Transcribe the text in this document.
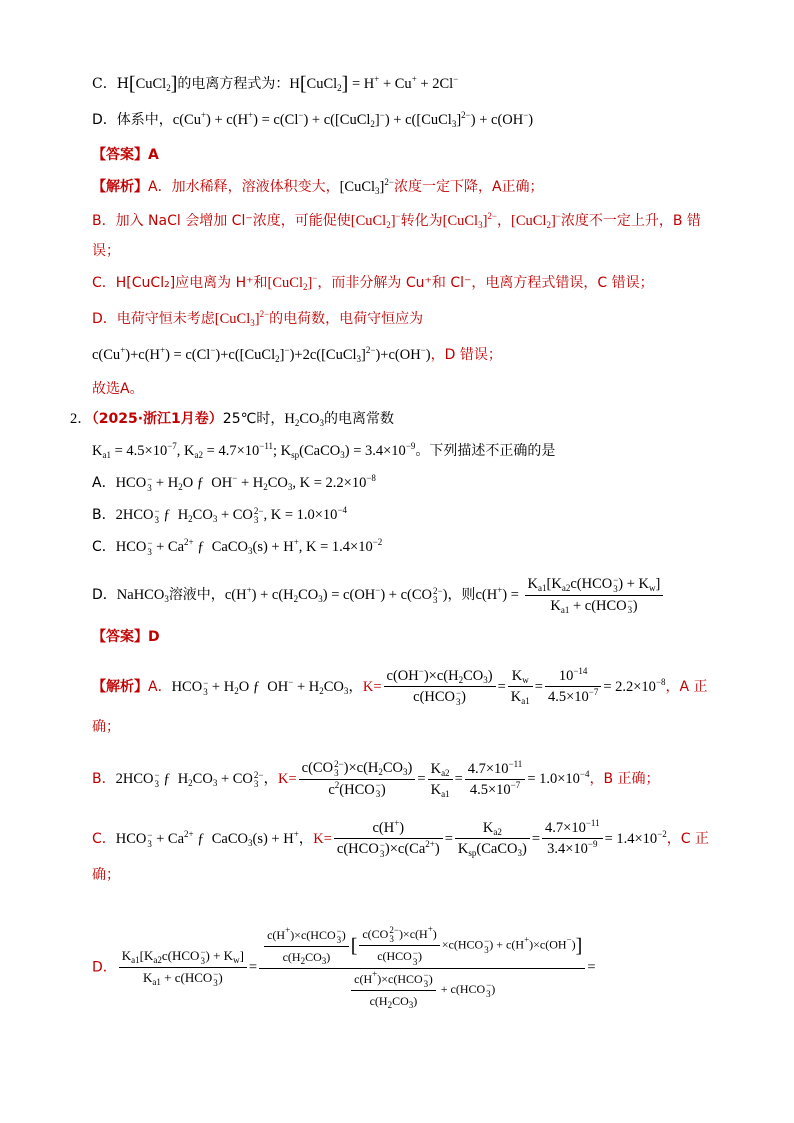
C．H[CuCl$_2$]的电离方程式为：H[CuCl$_2$] = H+ + Cu+ + 2Cl−
D．体系中，c(Cu+) + c(H+) = c(Cl−) + c([CuCl$_2$]−) + c([CuCl$_3$]$^{2-}$) + c(OH−)
【答案】A
【解析】A．加水稀释，溶液体积变大，[CuCl$_3$]$^{2-}$浓度一定下降，A正确；
B．加入 NaCl 会增加 Cl⁻浓度，可能促使[CuCl$_2$]−转化为[CuCl$_3$]$^{2-}$，[CuCl$_2$]−浓度不一定上升，B 错
误；
C．H[CuCl₂]应电离为 H⁺和[CuCl$_2$]−，而非分解为 Cu⁺和 Cl⁻，电离方程式错误，C 错误；
D．电荷守恒未考虑[CuCl$_3$]$^{2-}$的电荷数，电荷守恒应为
c(Cu+)+c(H+) = c(Cl−)+c([CuCl$_2$]−)+2c([CuCl$_3$]$^{2-}$)+c(OH−)，D 错误；
故选A。
2．（2025·浙江1月卷）25℃时，$H_2CO_3$的电离常数
$K_{a1} = 4.5\times 10^{-7}$, $K_{a2} = 4.7\times 10^{-11}$; $K_{sp}(CaCO_3) = 3.4\times 10^{-9}$。下列描述不正确的是
A．HCO −
$3 + H_2O$ ƒ  $OH^- + H_2CO_3$, $K = 2.2\times 10^{-8}$
B．2HCO −
3 ƒ  $H_2CO_3$ + CO 2−
3 , $K = 1.0\times 10^{-4}$
C．HCO −
$3 + Ca^{2+}$ ƒ  CaCO$_3$(s) + H+, $K = 1.4\times 10^{-2}$
D．NaHCO$_3$溶液中，$c(H^+) + c(H_2CO_3) = c(OH^-) + c(CO$ 2−
3 )，则$c(H^+) = K_{a1}[K_{a2}c(HCO$ −
3 ) + $K_w$]
$K_{a1} + c(HCO$ −
3 )
【答案】D
【解析】A．HCO −
$3 + H_2O$ ƒ  $OH^- + H_2CO_3$，$K= c(OH^-)\times c(H_2CO_3)$
c(HCO −
3 ) = $\frac{K_w}{K_{a1}} = \frac{10^{-14}}{4.5\times 10^{-7}} = 2.2\times 10^{-8}$，A 正
确；
B．2HCO −
3 ƒ  $H_2CO_3$ + CO 2−
3 ，K= c(CO 2−
3 )$\times c(H_2CO_3)$
$c^2(HCO$ −
3 ) = $\frac{K_{a2}}{K_{a1}} = \frac{4.7\times 10^{-11}}{4.5\times 10^{-7}} = 1.0\times 10^{-4}$，B 正确；
C．HCO −
$3 + Ca^{2+}$ ƒ  CaCO$_3$(s) + H+，K= c(H+)
c(HCO −
3 )$\times c(Ca^{2+}) = \frac{K_{a2}}{K_{sp}(CaCO_3)} = \frac{4.7\times 10^{-11}}{3.4\times 10^{-9}} = 1.4\times 10^{-2}$，C 正
确；
D． $K_{a1}[K_{a2}c(HCO$ −
3 ) + $K_w$]
$K_{a1} + c(HCO$ −
3 ) =
c(H+)×c(HCO −
3 )
$c(H_2CO_3)$ [ c(CO 2−
3 )×c(H+)
c(HCO −
3 ) ×c(HCO −
3 ) + c(H+)×c(OH−)]
c(H+)×c(HCO −
3 )
$c(H_2CO_3) + c(HCO$ −
3 )
=
